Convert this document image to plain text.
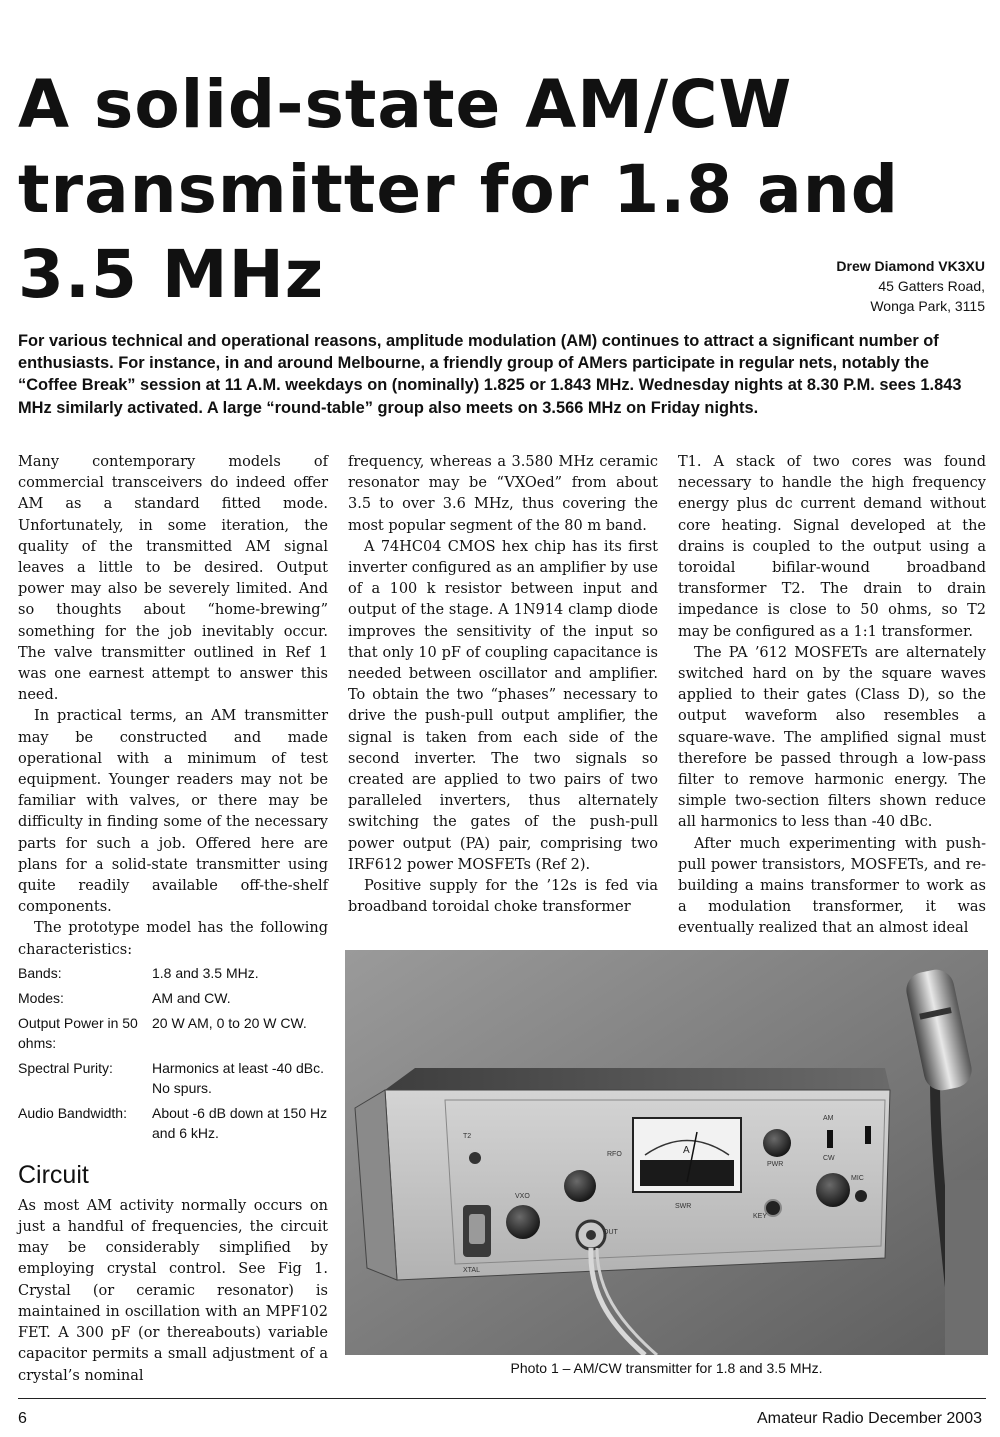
A solid-state AM/CW
transmitter for 1.8 and
3.5 MHz	Drew Diamond VK3XU
45 Gatters Road,
Wonga Park, 3115

For various technical and operational reasons, amplitude modulation (AM) continues to attract a significant number of enthusiasts. For instance, in and around Melbourne, a friendly group of AMers participate in regular nets, notably the “Coffee Break” session at 11 A.M. weekdays on (nominally) 1.825 or 1.843 MHz. Wednesday nights at 8.30 P.M. sees 1.843 MHz similarly activated. A large “round-table” group also meets on 3.566 MHz on Friday nights.

Many contemporary models of commercial transceivers do indeed offer AM as a standard fitted mode. Unfortunately, in some iteration, the quality of the transmitted AM signal leaves a little to be desired. Output power may also be severely limited. And so thoughts about “home-brewing” something for the job inevitably occur. The valve transmitter outlined in Ref 1 was one earnest attempt to answer this need.

In practical terms, an AM transmitter may be constructed and made operational with a minimum of test equipment. Younger readers may not be familiar with valves, or there may be difficulty in finding some of the necessary parts for such a job. Offered here are plans for a solid-state transmitter using quite readily available off-the-shelf components.

The prototype model has the following characteristics:

Bands:	1.8 and 3.5 MHz.
Modes:	AM and CW.
Output Power in 50 ohms:	20 W AM, 0 to 20 W CW.
Spectral Purity:	Harmonics at least -40 dBc. No spurs.
Audio Bandwidth:	About -6 dB down at 150 Hz and 6 kHz.
Circuit

As most AM activity normally occurs on just a handful of frequencies, the circuit may be considerably simplified by employing crystal control. See Fig 1. Crystal (or ceramic resonator) is maintained in oscillation with an MPF102 FET. A 300 pF (or thereabouts) variable capacitor permits a small adjustment of a crystal’s nominal

frequency, whereas a 3.580 MHz ceramic resonator may be “VXOed” from about 3.5 to over 3.6 MHz, thus covering the most popular segment of the 80 m band.

A 74HC04 CMOS hex chip has its first inverter configured as an amplifier by use of a 100 k resistor between input and output of the stage. A 1N914 clamp diode improves the sensitivity of the input so that only 10 pF of coupling capacitance is needed between oscillator and amplifier. To obtain the two “phases” necessary to drive the push-pull output amplifier, the signal is taken from each side of the second inverter. The two signals so created are applied to two pairs of two paralleled inverters, thus alternately switching the gates of the push-pull power output (PA) pair, comprising two IRF612 power MOSFETs (Ref 2).

Positive supply for the ’12s is fed via broadband toroidal choke transformer

T1. A stack of two cores was found necessary to handle the high frequency energy plus dc current demand without core heating. Signal developed at the drains is coupled to the output using a toroidal bifilar-wound broadband transformer T2. The drain to drain impedance is close to 50 ohms, so T2 may be configured as a 1:1 transformer.

The PA ’612 MOSFETs are alternately switched hard on by the square waves applied to their gates (Class D), so the output waveform also resembles a square-wave. The amplified signal must therefore be passed through a low-pass filter to remove harmonic energy. The simple two-section filters shown reduce all harmonics to less than -40 dBc.

After much experimenting with push-pull power transistors, MOSFETs, and re-building a mains transformer to work as a modulation transformer, it was eventually realized that an almost ideal

A
T2
RFO
XTAL
SWR
VXO
OUT
PWR
KEY
MIC
AM
CW
Photo 1 – AM/CW transmitter for 1.8 and 3.5 MHz.
6	Amateur Radio December 2003
